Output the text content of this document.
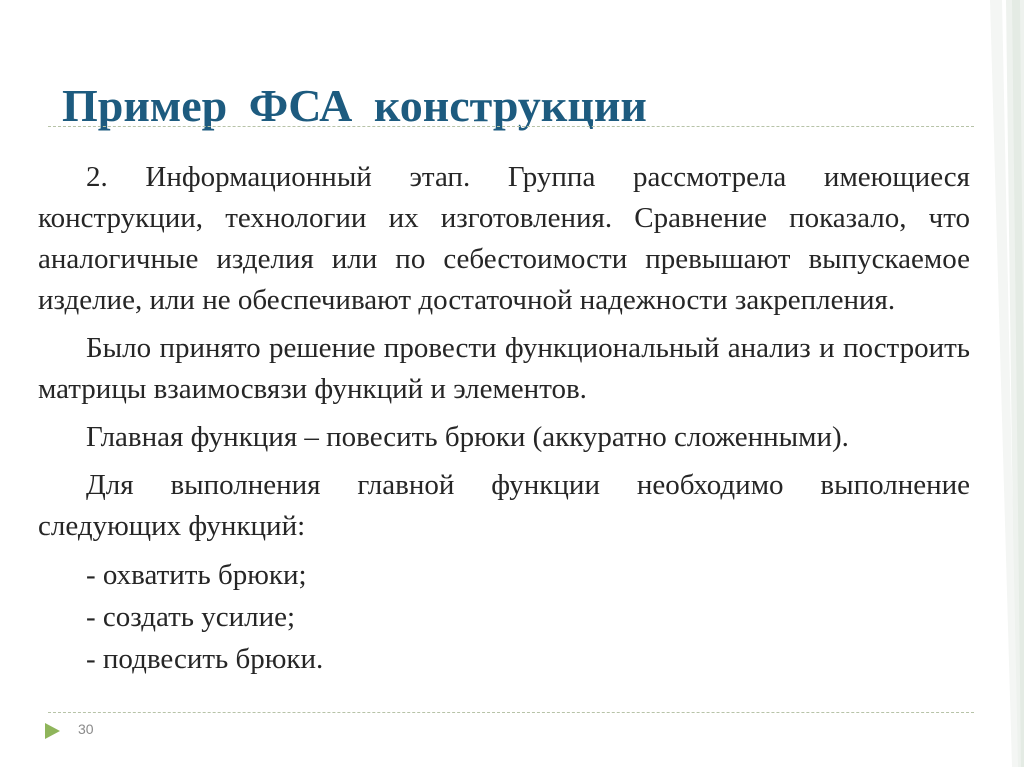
Пример ФСА конструкции

2. Информационный этап. Группа рассмотрела имеющиеся конструкции, технологии их изготовления. Сравнение показало, что аналогичные изделия или по себестоимости превышают выпускаемое изделие, или не обеспечивают достаточной надежности закрепления.

Было принято решение провести функциональный анализ и построить матрицы взаимосвязи функций и элементов.

Главная функция – повесить брюки (аккуратно сложенными).

Для выполнения главной функции необходимо выполнение следующих функций:

- охватить брюки;

- создать усилие;

- подвесить брюки.

30
